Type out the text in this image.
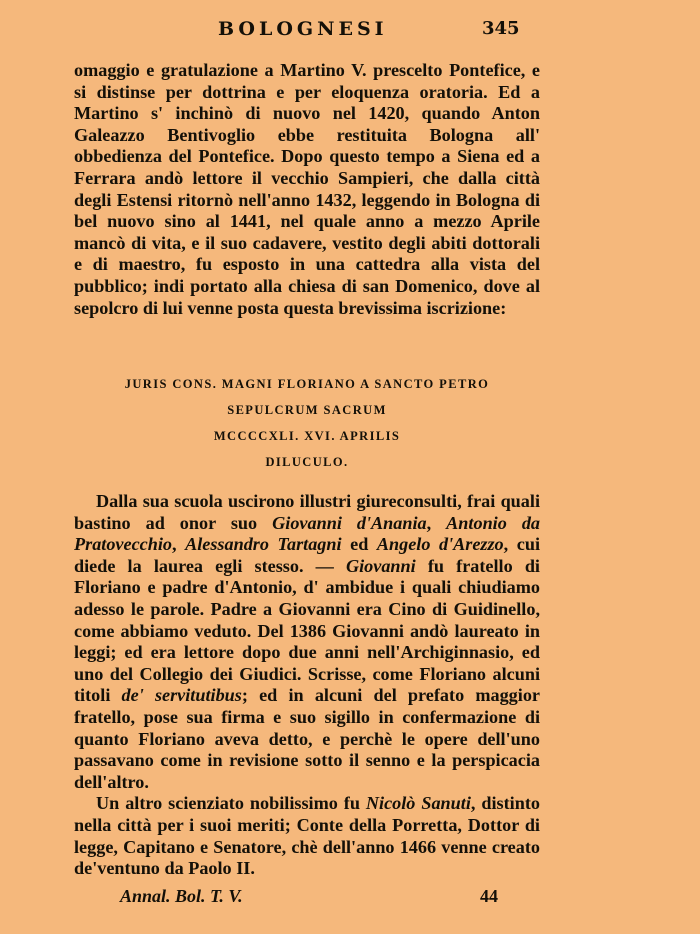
BOLOGNESI	345

omaggio e gratulazione a Martino V. prescelto Pontefice, e si distinse per dottrina e per eloquenza oratoria. Ed a Martino s' inchinò di nuovo nel 1420, quando Anton Galeazzo Bentivoglio ebbe restituita Bologna all' obbedienza del Pontefice. Dopo questo tempo a Siena ed a Ferrara andò lettore il vecchio Sampieri, che dalla città degli Estensi ritornò nell'anno 1432, leggendo in Bologna di bel nuovo sino al 1441, nel quale anno a mezzo Aprile mancò di vita, e il suo cadavere, vestito degli abiti dottorali e di maestro, fu esposto in una cattedra alla vista del pubblico; indi portato alla chiesa di san Domenico, dove al sepolcro di lui venne posta questa brevissima iscrizione:

JURIS CONS. MAGNI FLORIANO A SANCTO PETRO
SEPULCRUM SACRUM
MCCCCXLI. XVI. APRILIS
DILUCULO.

Dalla sua scuola uscirono illustri giureconsulti, frai quali bastino ad onor suo Giovanni d'Anania, Antonio da Pratovecchio, Alessandro Tartagni ed Angelo d'Arezzo, cui diede la laurea egli stesso. — Giovanni fu fratello di Floriano e padre d'Antonio, d' ambidue i quali chiudiamo adesso le parole. Padre a Giovanni era Cino di Guidinello, come abbiamo veduto. Del 1386 Giovanni andò laureato in leggi; ed era lettore dopo due anni nell'Archiginnasio, ed uno del Collegio dei Giudici. Scrisse, come Floriano alcuni titoli de' servitutibus; ed in alcuni del prefato maggior fratello, pose sua firma e suo sigillo in confermazione di quanto Floriano aveva detto, e perchè le opere dell'uno passavano come in revisione sotto il senno e la perspicacia dell'altro.

Un altro scienziato nobilissimo fu Nicolò Sanuti, distinto nella città per i suoi meriti; Conte della Porretta, Dottor di legge, Capitano e Senatore, chè dell'anno 1466 venne creato de'ventuno da Paolo II.

Annal. Bol. T. V.	44
